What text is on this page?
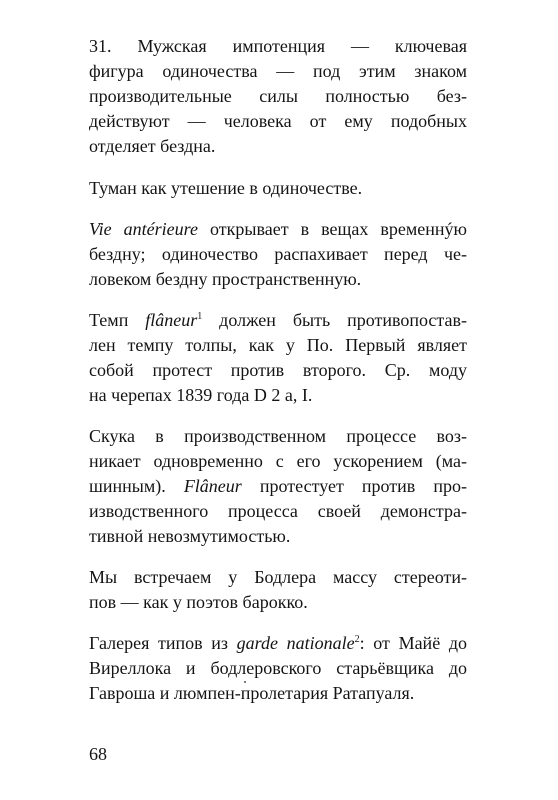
31. Мужская импотенция — ключевая
фигура одиночества — под этим знаком
производительные силы полностью без-
действуют — человека от ему подобных
отделяет бездна.

Туман как утешение в одиночестве.

Vie antérieure открывает в вещах временнýю
бездну; одиночество распахивает перед че-
ловеком бездну пространственную.

Темп flâneur$^1$ должен быть противопостав-
лен темпу толпы, как у По. Первый являет
собой протест против второго. Ср. моду
на черепах 1839 года D 2 a, I.

Скука в производственном процессе воз-
никает одновременно с его ускорением (ма-
шинным). Flâneur протестует против про-
изводственного процесса своей демонстра-
тивной невозмутимостью.

Мы встречаем у Бодлера массу стереоти-
пов — как у поэтов барокко.

Галерея типов из garde nationale$^2$: от Майё до
Виреллока и бодлеровского старьёвщика до
Гавроша и люмпен-пролетария Ратапуаля.

68
